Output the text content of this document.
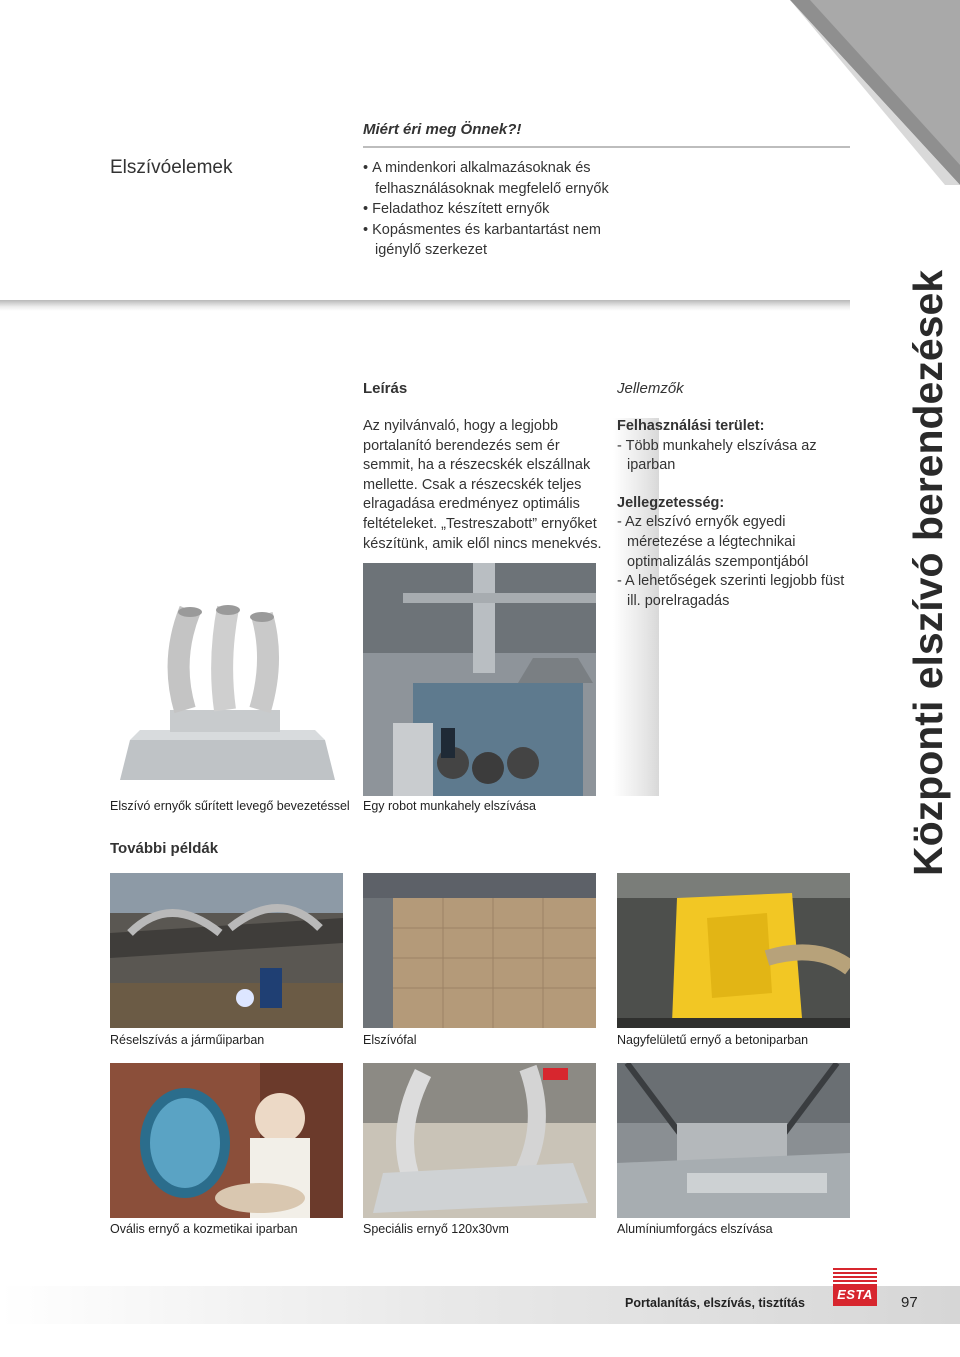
Miért éri meg Önnek?!
Elszívóelemek
•	A mindenkori alkalmazásoknak és felhasználásoknak megfelelő ernyők
• Feladathoz készített ernyők
• Kopásmentes és karbantartást nem igénylő szerkezet
Központi elszívó berendezések
Elszívó ernyők sűrített levegő bevezetéssel
Leírás
Az nyilvánvaló, hogy a legjobb portalanító berendezés sem ér semmit, ha a részecskék elszállnak mellette. Csak a részecskék teljes elragadása eredményez optimális feltételeket. „Testreszabott” ernyőket készítünk, amik elől nincs menekvés.
Egy robot munkahely elszívása
Jellemzők

Felhasználási terület:

- Több munkahely elszívása az iparban

Jellegzetesség:

- Az elszívó ernyők egyedi méretezése a légtechnikai optimalizálás szempontjából

- A lehetőségek szerinti legjobb füst ill. porelragadás

További példák
Réselszívás a járműiparban	Elszívófal	Nagyfelületű ernyő a betoniparban
Ovális ernyő a kozmetikai iparban	Speciális ernyő 120x30vm	Alumíniumforgács elszívása
Portalanítás, elszívás, tisztítás
ESTA 97
